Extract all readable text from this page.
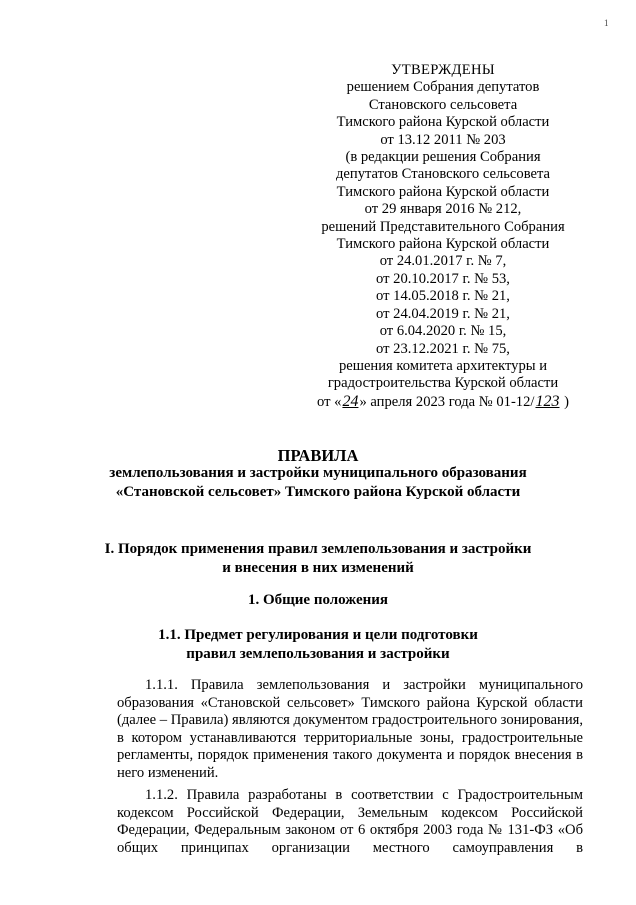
1
УТВЕРЖДЕНЫ
решением Собрания депутатов
Становского сельсовета
Тимского района Курской области
от 13.12 2011 № 203
(в редакции решения Собрания
депутатов Становского сельсовета
Тимского района Курской области
от 29 января 2016 № 212,
решений Представительного Собрания
Тимского района Курской области
от 24.01.2017 г. № 7,
от 20.10.2017 г. № 53,
от 14.05.2018 г. № 21,
от 24.04.2019 г. № 21,
от 6.04.2020 г. № 15,
от 23.12.2021 г. № 75,
решения комитета архитектуры и
градостроительства Курской области
от «24» апреля 2023 года № 01-12/123 )
ПРАВИЛА
землепользования и застройки муниципального образования
«Становской сельсовет» Тимского района Курской области
I. Порядок применения правил землепользования и застройки
и внесения в них изменений
1. Общие положения
1.1. Предмет регулирования и цели подготовки
правил землепользования и застройки

1.1.1. Правила землепользования и застройки муниципального образования «Становской сельсовет» Тимского района Курской области (далее – Правила) являются документом градостроительного зонирования, в котором устанавливаются территориальные зоны, градостроительные регламенты, порядок применения такого документа и порядок внесения в него изменений.

1.1.2. Правила разработаны в соответствии с Градостроительным кодексом Российской Федерации, Земельным кодексом Российской Федерации, Федеральным законом от 6 октября 2003 года № 131-ФЗ «Об общих принципах организации местного самоуправления в
